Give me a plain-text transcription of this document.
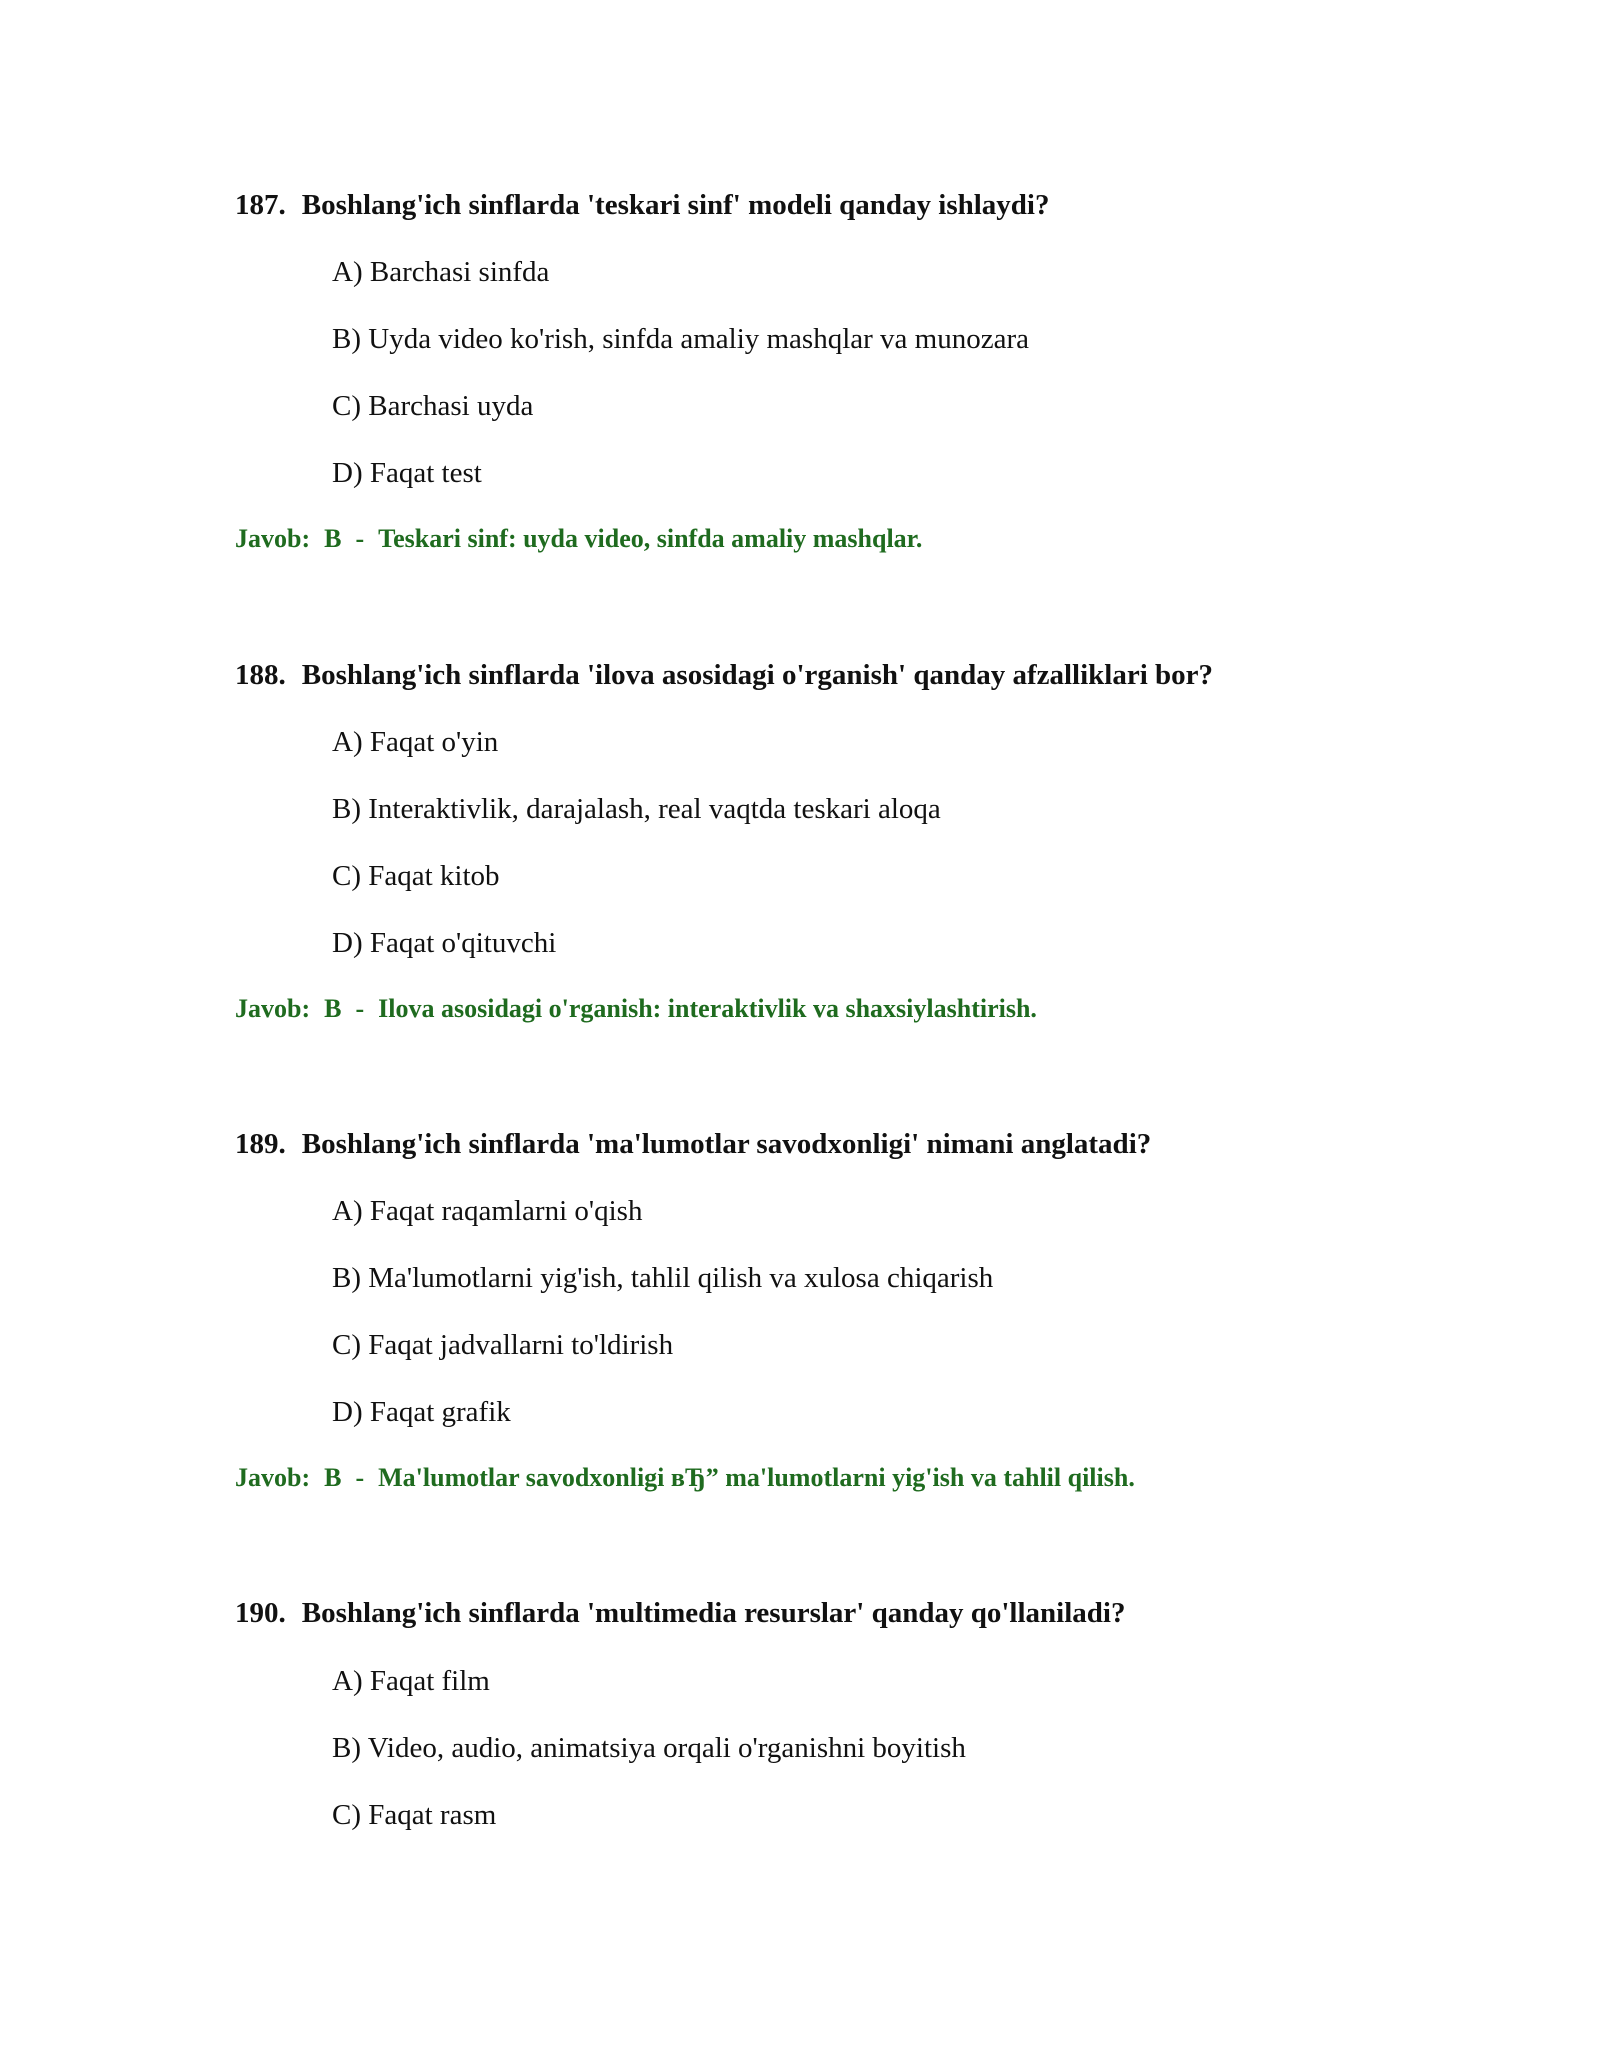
187. Boshlang'ich sinflarda 'teskari sinf' modeli qanday ishlaydi?
A) Barchasi sinfda
B) Uyda video ko'rish, sinfda amaliy mashqlar va munozara
C) Barchasi uyda
D) Faqat test
Javob: B - Teskari sinf: uyda video, sinfda amaliy mashqlar.
188. Boshlang'ich sinflarda 'ilova asosidagi o'rganish' qanday afzalliklari bor?
A) Faqat o'yin
B) Interaktivlik, darajalash, real vaqtda teskari aloqa
C) Faqat kitob
D) Faqat o'qituvchi
Javob: B - Ilova asosidagi o'rganish: interaktivlik va shaxsiylashtirish.
189. Boshlang'ich sinflarda 'ma'lumotlar savodxonligi' nimani anglatadi?
A) Faqat raqamlarni o'qish
B) Ma'lumotlarni yig'ish, tahlil qilish va xulosa chiqarish
C) Faqat jadvallarni to'ldirish
D) Faqat grafik
Javob: B - Ma'lumotlar savodxonligi вЂ” ma'lumotlarni yig'ish va tahlil qilish.
190. Boshlang'ich sinflarda 'multimedia resurslar' qanday qo'llaniladi?
A) Faqat film
B) Video, audio, animatsiya orqali o'rganishni boyitish
C) Faqat rasm
